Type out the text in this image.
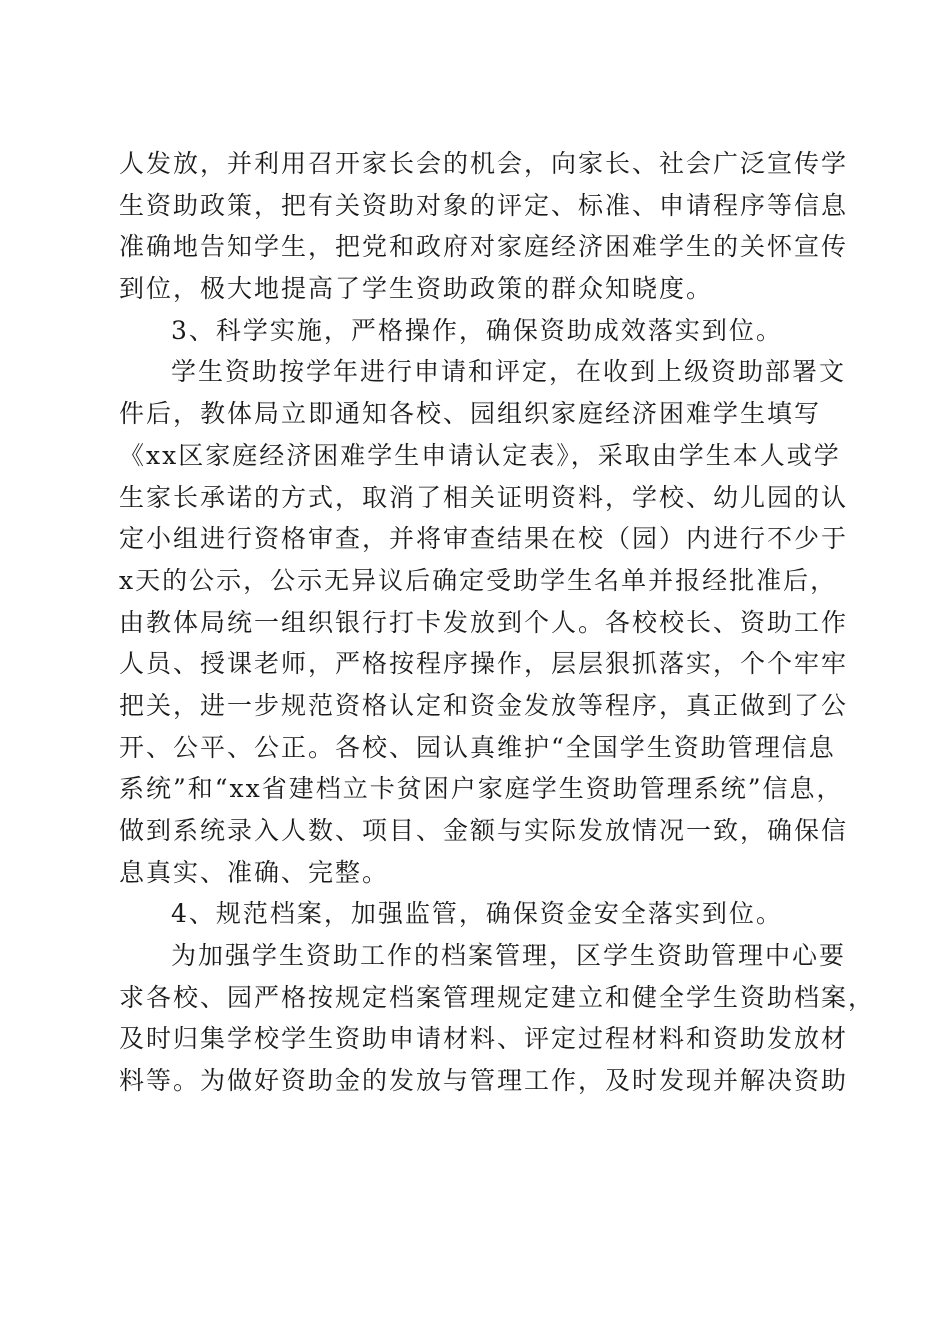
人发放，并利用召开家长会的机会，向家长、社会广泛宣传学
生资助政策，把有关资助对象的评定、标准、申请程序等信息
准确地告知学生，把党和政府对家庭经济困难学生的关怀宣传
到位，极大地提高了学生资助政策的群众知晓度。
3、科学实施，严格操作，确保资助成效落实到位。
学生资助按学年进行申请和评定，在收到上级资助部署文
件后，教体局立即通知各校、园组织家庭经济困难学生填写
《xx区家庭经济困难学生申请认定表》，采取由学生本人或学
生家长承诺的方式，取消了相关证明资料，学校、幼儿园的认
定小组进行资格审查，并将审查结果在校（园）内进行不少于
x天的公示，公示无异议后确定受助学生名单并报经批准后，
由教体局统一组织银行打卡发放到个人。各校校长、资助工作
人员、授课老师，严格按程序操作，层层狠抓落实，个个牢牢
把关，进一步规范资格认定和资金发放等程序，真正做到了公
开、公平、公正。各校、园认真维护“全国学生资助管理信息
系统”和“xx省建档立卡贫困户家庭学生资助管理系统”信息，
做到系统录入人数、项目、金额与实际发放情况一致，确保信
息真实、准确、完整。
4、规范档案，加强监管，确保资金安全落实到位。
为加强学生资助工作的档案管理，区学生资助管理中心要
求各校、园严格按规定档案管理规定建立和健全学生资助档案，
及时归集学校学生资助申请材料、评定过程材料和资助发放材
料等。为做好资助金的发放与管理工作，及时发现并解决资助
